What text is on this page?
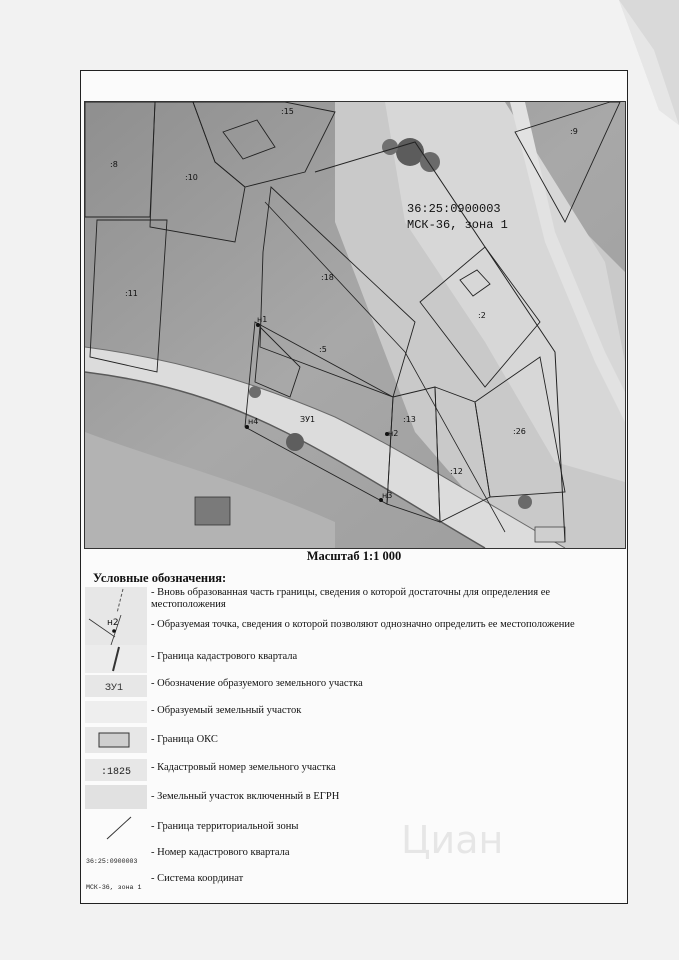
:15
:9
:8
:10
:18
:11
:2
:5
ЗУ1	:13
:26
:12
н1
н4
н2
н3
36:25:0900003
МСК-36, зона 1
Масштаб 1:1 000
Условные обозначения:
- Вновь образованная часть границы, сведения о которой достаточны для определения ее местоположения
н2	- Образуемая точка, сведения о которой позволяют однозначно определить ее местоположение
- Граница кадастрового квартала
ЗУ1	- Обозначение образуемого земельного участка
- Образуемый земельный участок
- Граница ОКС
:1825 - Кадастровый номер земельного участка
- Земельный участок включенный в ЕГРН
- Граница территориальной зоны
36:25:0900003
- Номер кадастрового квартала
МСК-36, зона 1
- Система координат
Циан
